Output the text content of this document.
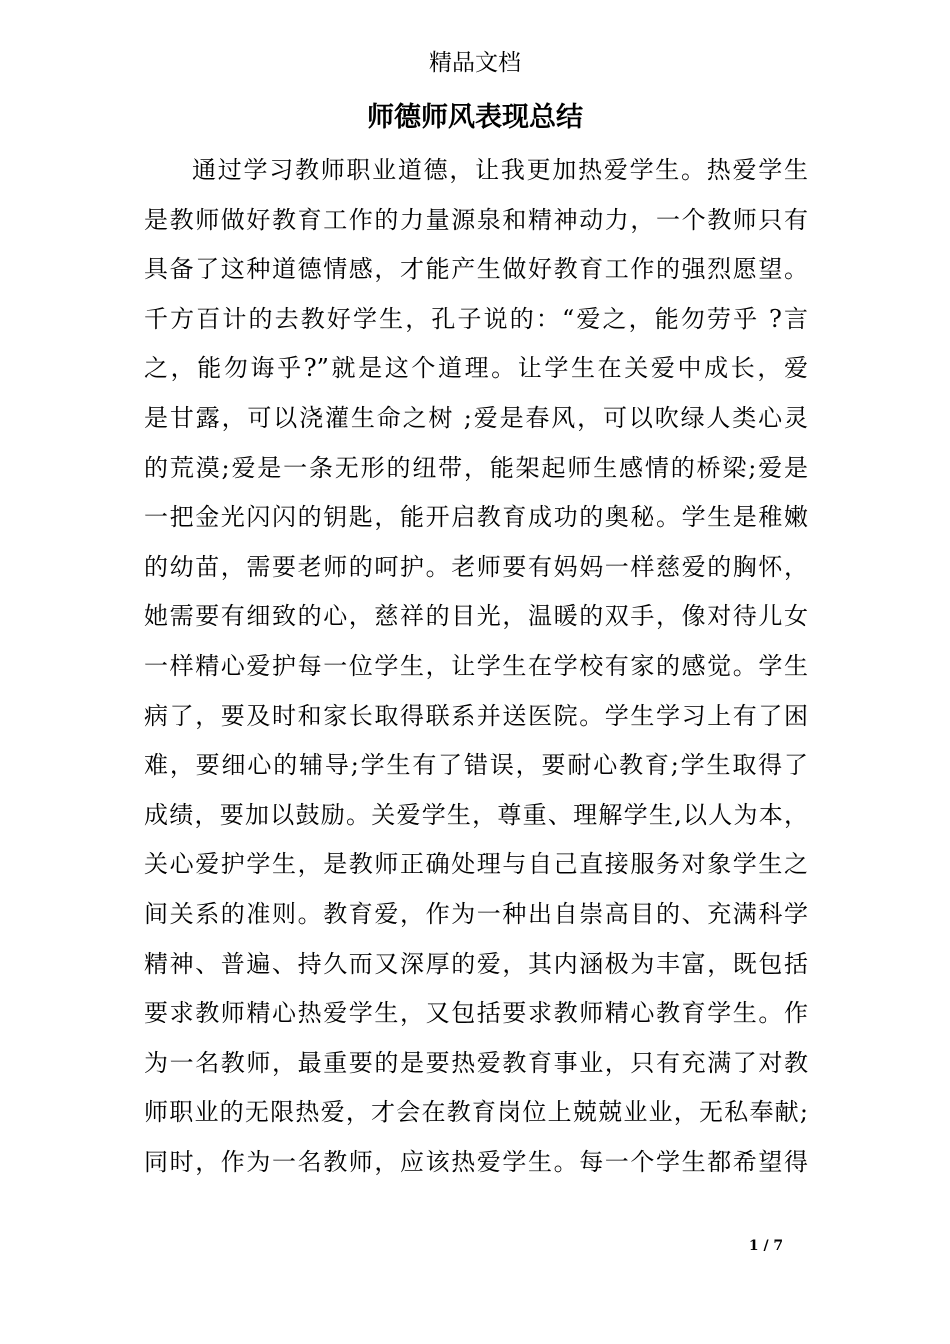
精品文档
师德师风表现总结
通过学习教师职业道德，让我更加热爱学生。热爱学生
是教师做好教育工作的力量源泉和精神动力，一个教师只有
具备了这种道德情感，才能产生做好教育工作的强烈愿望。
千方百计的去教好学生，孔子说的：“爱之，能勿劳乎 ?言
之，能勿诲乎?”就是这个道理。让学生在关爱中成长，爱
是甘露，可以浇灌生命之树 ;爱是春风，可以吹绿人类心灵
的荒漠;爱是一条无形的纽带，能架起师生感情的桥梁;爱是
一把金光闪闪的钥匙，能开启教育成功的奥秘。学生是稚嫩
的幼苗，需要老师的呵护。老师要有妈妈一样慈爱的胸怀，
她需要有细致的心，慈祥的目光，温暖的双手，像对待儿女
一样精心爱护每一位学生，让学生在学校有家的感觉。学生
病了，要及时和家长取得联系并送医院。学生学习上有了困
难，要细心的辅导;学生有了错误，要耐心教育;学生取得了
成绩，要加以鼓励。关爱学生，尊重、理解学生,以人为本，
关心爱护学生，是教师正确处理与自己直接服务对象学生之
间关系的准则。教育爱，作为一种出自崇高目的、充满科学
精神、普遍、持久而又深厚的爱，其内涵极为丰富，既包括
要求教师精心热爱学生，又包括要求教师精心教育学生。作
为一名教师，最重要的是要热爱教育事业，只有充满了对教
师职业的无限热爱，才会在教育岗位上兢兢业业，无私奉献;
同时，作为一名教师，应该热爱学生。每一个学生都希望得
1 / 7
